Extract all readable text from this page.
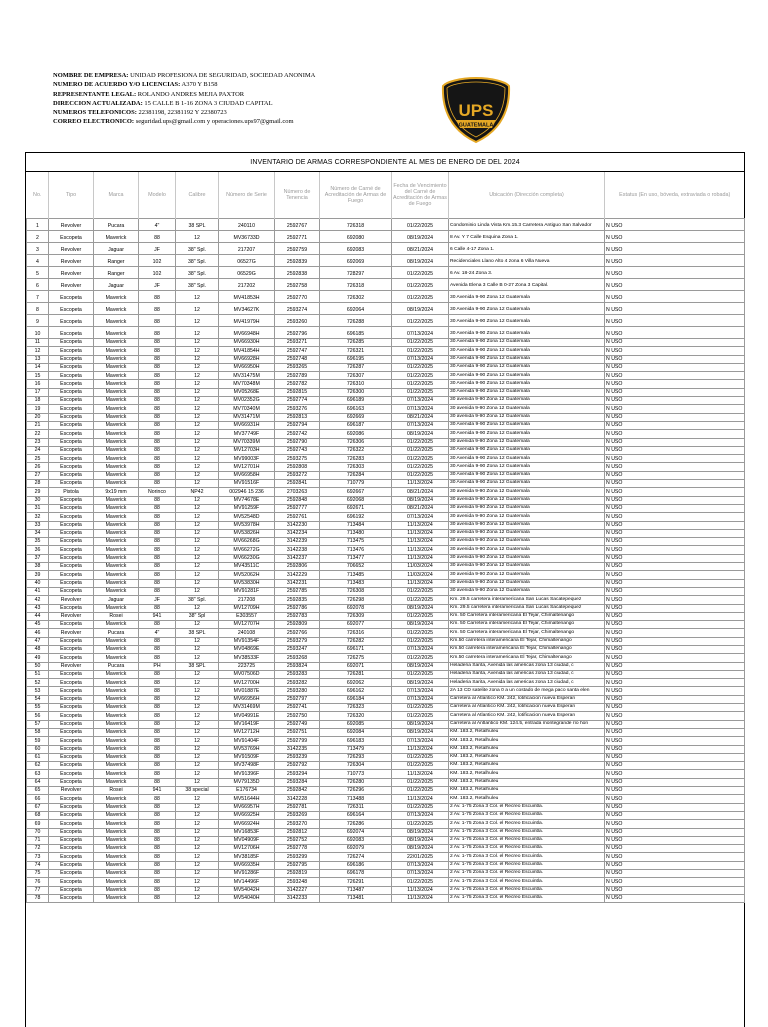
NOMBRE DE EMPRESA: UNIDAD PROFESIONA DE SEGURIDAD, SOCIEDAD ANONIMA
NUMERO DE ACUERDO Y/O LICENCIAS: A370 Y B158
REPRESENTANTE LEGAL: ROLANDO ANDRES MEJIA PAXTOR
DIRECCION ACTUALIZADA: 15 CALLE B 1-16 ZONA 3 CIUDAD CAPITAL
NUMEROS TELEFONICOS: 22381198, 22381192 Y 22380723
CORREO ELECTRONICO: seguridad.ups@gmail.com y operaciones.ups97@gmail.com
UPS
GUATEMALA
INVENTARIO DE ARMAS CORRESPONDIENTE AL MES DE ENERO DE DEL 2024
No.	Tipo	Marca	Modelo	Calibre	Número de Serie	Número de Tenencia	Número de Carné de Acreditación de Armas de Fuego	Fecha de Vencimiento del Carné de Acreditación de Armas de Fuego	Ubicación (Dirección completa)	Estatus (En uso, bóveda, extraviada o robada)
1	Revolver	Pucara	4"	38 SPL	240110	2592767	726318	01/22/2025	Condominio Linda Vista Km.15.3 Carretera Antiguo San Salvador	N USO
2	Escopeta	Maverick	88	12	MV36733D	2592771	692080	08/19/2024	8 Av. Y 7 Calle Esquina Zona 1.	N USO
3	Revolver	Jaguar	JF	38" Spl.	217207	2592759	692083	08/21/2024	6 Calle 4-17 Zona 1.	N USO
4	Revolver	Ranger	102	38" Spl.	06527G	2592839	692069	08/19/2024	Recidenciales Llano Alto 4 zona 6 Villa Nueva	N USO
5	Revolver	Ranger	102	38" Spl.	06529G	2592838	728297	01/22/2025	6 Av. 18-24 Zona 3.	N USO
6	Revolver	Jaguar	JF	38" Spl.	217202	2592758	726318	01/22/2025	Avenida Elena 3 Calle B 0-27 Zona 3 Capital.	N USO
7	Escopeta	Maverick	88	12	MV41853H	2592770	726302	01/22/2025	30 Avenida 9-90 Zona 12 Guatemala	N USO
8	Escopeta	Maverick	88	12	MV34627K	2593274	692064	08/19/2024	30 Avenida 9-90 Zona 12 Guatemala	N USO
9	Escopeta	Maverick	88	12	MV41979H	2593260	726288	01/22/2025	30 Avenida 9-90 Zona 12 Guatemala	N USO
10	Escopeta	Maverick	88	12	MV66948H	2592796	696185	07/13/2024	30 Avenida 9-90 Zona 12 Guatemala	N USO
11	Escopeta	Maverick	88	12	MV66930H	2593271	726285	01/22/2025	30 Avenida 9-90 Zona 12 Guatemala	N USO
12	Escopeta	Maverick	88	12	MV41854H	2592747	726321	01/22/2025	30 Avenida 9-90 Zona 12 Guatemala	N USO
13	Escopeta	Maverick	88	12	MV66928H	2592748	696195	07/13/2024	30 Avenida 9-90 Zona 12 Guatemala	N USO
14	Escopeta	Maverick	88	12	MV66950H	2593265	726287	01/22/2025	30 Avenida 9-90 Zona 12 Guatemala	N USO
15	Escopeta	Maverick	88	12	MV31475M	2592789	726307	01/22/2025	30 Avenida 9-90 Zona 12 Guatemala	N USO
16	Escopeta	Maverick	88	12	MV70348M	2592782	726310	01/22/2025	30 Avenida 9-90 Zona 12 Guatemala	N USO
17	Escopeta	Maverick	88	12	MV05268E	2592815	726300	01/22/2025	30 Avenida 9-90 Zona 12 Guatemala	N USO
18	Escopeta	Maverick	88	12	MV02352G	2592774	696189	07/13/2024	30 avenida 9-90 Zona 12 Guatemala	N USO
19	Escopeta	Maverick	88	12	MV70340M	2593276	696163	07/13/2024	30 avenida 9-90 Zona 12 Guatemala	N USO
20	Escopeta	Maverick	88	12	MV31471M	2592813	692669	08/21/2024	30 avenida 9-90 Zona 12 Guatemala	N USO
21	Escopeta	Maverick	88	12	MV66931H	2592794	696187	07/13/2024	30 Avenida 9-90 Zona 12 Guatemala	N USO
22	Escopeta	Maverick	88	12	MV37749F	2592742	692086	08/19/2024	30 Avenida 9-90 Zona 12 Guatemala	N USO
23	Escopeta	Maverick	88	12	MV70339M	2592790	726306	01/22/2025	30 avenida 9-90 Zona 12 Guatemala	N USO
24	Escopeta	Maverick	88	12	MV12703H	2592743	726322	01/22/2025	30 Avenida 9-90 Zona 12 Guatemala	N USO
25	Escopeta	Maverick	88	12	MV99003F	2593275	726283	01/22/2025	30 Avenida 9-90 Zona 12 Guatemala	N USO
26	Escopeta	Maverick	88	12	MV12701H	2592808	726303	01/22/2025	30 Avenida 9-90 Zona 12 Guatemala	N USO
27	Escopeta	Maverick	88	12	MV66958H	2593272	726284	01/22/2025	30 Avenida 9-90 Zona 12 Guatemala	N USO
28	Escopeta	Maverick	88	12	MV91516F	2592841	710779	11/13/2024	30 Avenida 9-90 Zona 12 Guatemala	N USO
29	Pistola	9x19 mm	Norinco	NP42	002946 15 236	2703263	692667	08/21/2024	30 avenida 9-90 Zona 12 Guatemala	N USO
30	Escopeta	Maverick	88	12	MV74678E	2592848	692068	08/19/2024	30 avenida 9-90 Zona 12 Guatemala	N USO
31	Escopeta	Maverick	88	12	MV91259F	2592777	692671	08/21/2024	30 avenida 9-90 Zona 12 Guatemala	N USO
32	Escopeta	Maverick	88	12	MV52548D	2592761	696192	07/13/2024	30 avenida 9-90 Zona 12 Guatemala	N USO
33	Escopeta	Maverick	88	12	MV53978H	3142230	713484	11/13/2024	30 avenida 9-90 Zona 12 Guatemala	N USO
34	Escopeta	Maverick	88	12	MV53826H	3142234	713480	11/13/2024	30 avenida 9-90 Zona 12 Guatemala	N USO
35	Escopeta	Maverick	88	12	MV66268G	3142239	713475	11/13/2024	30 avenida 9-90 Zona 12 Guatemala	N USO
36	Escopeta	Maverick	88	12	MV66272G	3142238	713476	11/13/2024	30 avenida 9-90 Zona 12 Guatemala	N USO
37	Escopeta	Maverick	88	12	MV66230G	3142237	713477	11/13/2024	30 avenida 9-90 Zona 12 Guatemala	N USO
38	Escopeta	Maverick	88	12	MV43511C	2592806	706652	11/03/2024	30 avenida 9-90 Zona 12 Guatemala	N USO
39	Escopeta	Maverick	88	12	MV52062H	3142229	713485	11/03/2024	30 avenida 9-90 Zona 12 Guatemala	N USO
40	Escopeta	Maverick	88	12	MV53830H	3142231	713483	11/13/2024	30 avenida 9-90 Zona 12 Guatemala	N USO
41	Escopeta	Maverick	88	12	MV91281F	2592785	726308	01/22/2025	30 avenida 9-90 Zona 12 Guatemala	N USO
42	Revolver	Jaguar	JF	38" Spl.	217208	2592835	726298	01/22/2025	Km. 29.5 carretera interamericana San Lucas Sacatepequez	N USO
43	Escopeta	Maverick	88	12	MV12709H	2592786	692078	08/19/2024	Km. 29.5 carretera interamericana San Lucas Sacatepequez	N USO
44	Revolver	Rosei	941	38" Spl	E303557	2592783	726309	01/22/2025	Km. 50 Carretera interamericana El Tejar, Chimaltenango	N USO
45	Escopeta	Maverick	88	12	MV12707H	2592809	692077	08/19/2024	Km. 50 Carretera interamericana El Tejar, Chimaltenango	N USO
46	Revolver	Pucara	4"	38 SPL	240108	2592766	726316	01/22/2025	Km. 50 Carretera interamericana El Tejar, Chimaltenango	N USO
47	Escopeta	Maverick	88	12	MV91354F	2593279	726282	01/22/2025	Km.50 carretera interamericana El Tejar, Chimaltenango	N USO
48	Escopeta	Maverick	88	12	MV04869E	2593247	696171	07/13/2024	Km.50 carretera interamericana El Tejar, Chimaltenango	N USO
49	Escopeta	Maverick	88	12	MV38533F	2593268	726275	01/22/2025	Km.50 carretera interamericana El Tejar, Chimaltenango	N USO
50	Revolver	Pucara	PH	38 SPL	223725	2593824	692071	08/19/2024	Heladeria Sarita, Avenida las americas zona 13 ciudad, c	N USO
51	Escopeta	Maverick	88	12	MV07506D	2593283	726281	01/22/2025	Heladeria Sarita, Avenida las americas zona 13 ciudad, c	N USO
52	Escopeta	Maverick	88	12	MV12700H	2593282	692062	08/19/2024	Heladeria Sarita, Avenida las americas zona 13 ciudad, c	N USO
53	Escopeta	Maverick	88	12	MV01887E	2593280	696162	07/13/2024	2A 13 CD satelite zona 0 a un costado de mega paco santa elen	N USO
54	Escopeta	Maverick	88	12	MV66956H	2592797	696184	07/13/2024	Carretera al Atlantico KM. 242, lotificacion nueva Esperan	N USO
55	Escopeta	Maverick	88	12	MV31469M	2592741	726323	01/22/2025	Carretera al Atlantico KM. 242, lotificacion nueva Esperan	N USO
56	Escopeta	Maverick	88	12	MV04991E	2592750	726320	01/22/2025	Carretera al Atlantico KM. 242, lotificacion nueva Esperan	N USO
57	Escopeta	Maverick	88	12	MV16419F	2592749	692085	08/19/2024	Carretera al Antlantico KM. 124.5, entrada montegrande río hon	N USO
58	Escopeta	Maverick	88	12	MV12712H	2592751	692084	08/19/2024	KM. 183.2, Retalhuleu	N USO
59	Escopeta	Maverick	88	12	MV91404F	2592799	696183	07/13/2024	KM. 183.2, Retalhuleu	N USO
60	Escopeta	Maverick	88	12	MV53769H	3142235	713479	11/13/2024	KM. 183.2, Retalhuleu	N USO
61	Escopeta	Maverick	88	12	MV91509F	2593239	726293	01/22/2025	KM. 183.2, Retalhuleu	N USO
62	Escopeta	Maverick	88	12	MV37498F	2592792	726304	01/22/2025	KM. 183.2, Retalhuleu	N USO
63	Escopeta	Maverick	88	12	MV91396F	2593294	710773	11/13/2024	KM. 183.2, Retalhuleu	N USO
64	Escopeta	Maverick	88	12	MV79135D	2593284	726280	01/22/2025	KM. 183.2, Retalhuleu	N USO
65	Revolver	Rosei	941	38 special	E176734	2592842	726296	01/22/2025	KM. 183.2, Retalhuleu	N USO
66	Escopeta	Maverick	88	12	MV51644H	3142228	713488	11/13/2024	KM. 183.2, Retalhuleu	N USO
67	Escopeta	Maverick	88	12	MV66957H	2592781	726311	01/22/2025	2 Av. 1-75 Zona 3 Col. el Recreo Escuintla.	N USO
68	Escopeta	Maverick	88	12	MV66925H	2593269	696164	07/13/2024	2 Av. 1-75 Zona 3 Col. el Recreo Escuintla.	N USO
69	Escopeta	Maverick	88	12	MV66924H	2593270	726286	01/22/2025	2 Av. 1-75 Zona 3 Col. el Recreo Escuintla.	N USO
70	Escopeta	Maverick	88	12	MV16853F	2592812	692074	08/19/2024	2 Av. 1-75 Zona 3 Col. el Recreo Escuintla.	N USO
71	Escopeta	Maverick	88	12	MV04909F	2592752	692083	08/19/2024	2 Av. 1-75 Zona 3 Col. el Recreo Escuintla.	N USO
72	Escopeta	Maverick	88	12	MV12706H	2592778	692079	08/19/2024	2 Av. 1-75 Zona 3 Col. el Recreo Escuintla.	N USO
73	Escopeta	Maverick	88	12	MV38185F	2593299	726274	22/01/2025	2 Av. 1-75 Zona 3 Col. el Recreo Escuintla.	N USO
74	Escopeta	Maverick	88	12	MV66935H	2592795	696186	07/13/2024	2 Av. 1-75 Zona 3 Col. el Recreo Escuintla.	N USO
75	Escopeta	Maverick	88	12	MV91286F	2592819	696178	07/13/2024	2 Av. 1-75 Zona 3 Col. el Recreo Escuintla.	N USO
76	Escopeta	Maverick	88	12	MV14496F	2593248	726291	01/22/2025	2 Av. 1-75 Zona 3 Col. el Recreo Escuintla.	N USO
77	Escopeta	Maverick	88	12	MV54042H	3142227	713487	11/13/2024	2 Av. 1-75 Zona 3 Col. el Recreo Escuintla.	N USO
78	Escopeta	Maverick	88	12	MV54040H	3142233	713481	11/13/2024	2 Av. 1-75 Zona 3 Col. el Recreo Escuintla.	N USO
